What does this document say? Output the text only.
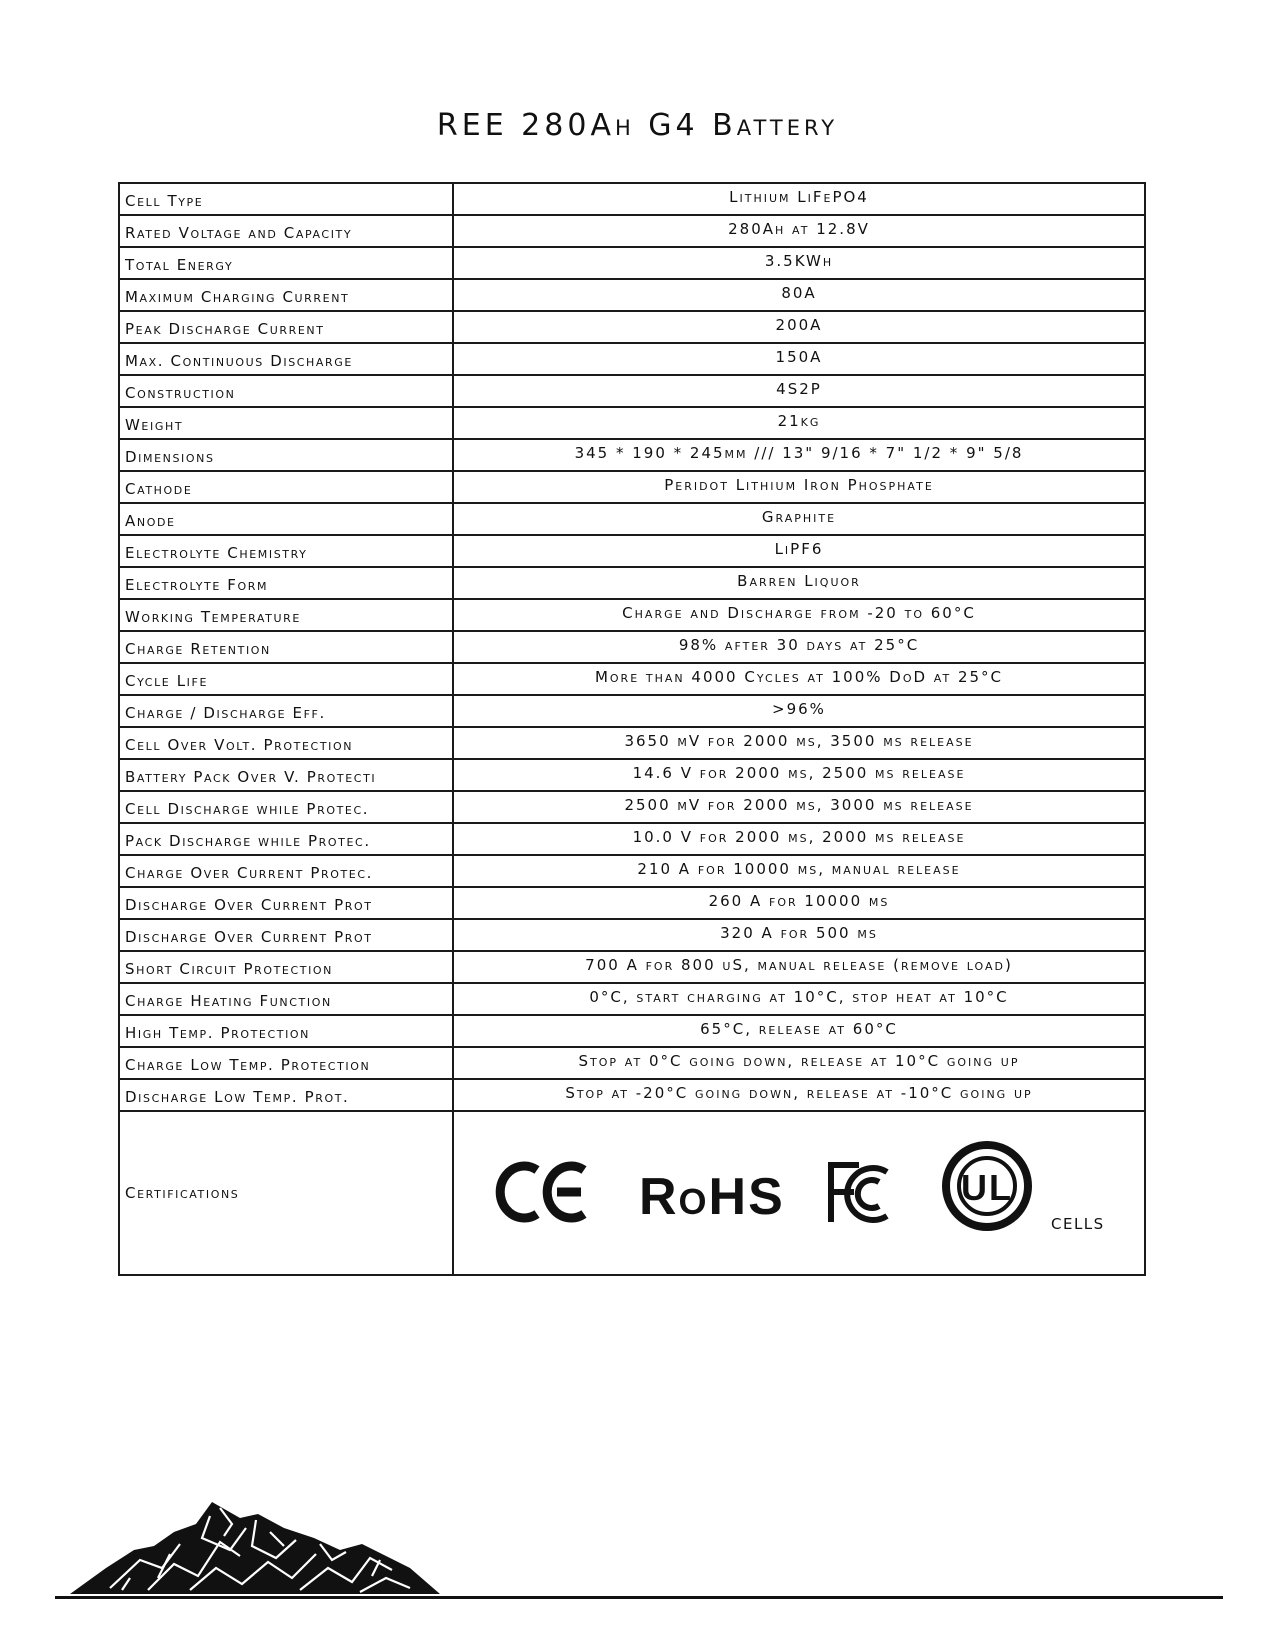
REE 280Ah G4 Battery
Cell Type	Lithium LiFePO4
Rated Voltage and Capacity	280Ah at 12.8V
Total Energy	3.5KWh
Maximum Charging Current	80A
Peak Discharge Current	200A
Max. Continuous Discharge	150A
Construction	4S2P
Weight	21kg
Dimensions	345 * 190 * 245mm /// 13" 9/16 * 7" 1/2 * 9" 5/8
Cathode	Peridot Lithium Iron Phosphate
Anode	Graphite
Electrolyte Chemistry	LiPF6
Electrolyte Form	Barren Liquor
Working Temperature	Charge and Discharge from -20 to 60°C
Charge Retention	98% after 30 days at 25°C
Cycle Life	More than 4000 Cycles at 100% DoD at 25°C
Charge / Discharge Eff.	>96%
Cell Over Volt. Protection	3650 mV for 2000 ms, 3500 ms release
Battery Pack Over V. Protecti	14.6 V for 2000 ms, 2500 ms release
Cell Discharge while Protec.	2500 mV for 2000 ms, 3000 ms release
Pack Discharge while Protec.	10.0 V for 2000 ms, 2000 ms release
Charge Over Current Protec.	210 A for 10000 ms, manual release
Discharge Over Current Prot	260 A for 10000 ms
Discharge Over Current Prot	320 A for 500 ms
Short Circuit Protection	700 A for 800 uS, manual release (remove load)
Charge Heating Function	0°C, start charging at 10°C, stop heat at 10°C
High Temp. Protection	65°C, release at 60°C
Charge Low Temp. Protection	Stop at 0°C going down, release at 10°C going up
Discharge Low Temp. Prot.	Stop at -20°C going down, release at -10°C going up
Certifications	RoHS UL
CELLS
